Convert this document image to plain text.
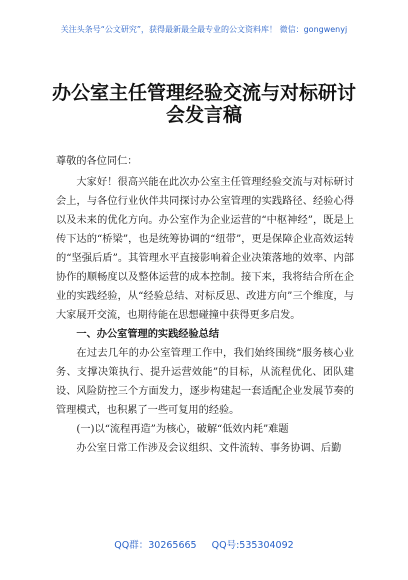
关注头条号“公文研究”，获得最新最全最专业的公文资料库！ 微信：gongwenyj
办公室主任管理经验交流与对标研讨
会发言稿

尊敬的各位同仁：

大家好！很高兴能在此次办公室主任管理经验交流与对标研讨会上，与各位行业伙伴共同探讨办公室管理的实践路径、经验心得以及未来的优化方向。办公室作为企业运营的“中枢神经”，既是上传下达的“桥梁”，也是统筹协调的“纽带”，更是保障企业高效运转的“坚强后盾”。其管理水平直接影响着企业决策落地的效率、内部协作的顺畅度以及整体运营的成本控制。接下来，我将结合所在企业的实践经验，从“经验总结、对标反思、改进方向”三个维度，与大家展开交流，也期待能在思想碰撞中获得更多启发。

一、办公室管理的实践经验总结

在过去几年的办公室管理工作中，我们始终围绕“服务核心业务、支撑决策执行、提升运营效能”的目标，从流程优化、团队建设、风险防控三个方面发力，逐步构建起一套适配企业发展节奏的管理模式，也积累了一些可复用的经验。

(一)以“流程再造”为核心，破解“低效内耗”难题

办公室日常工作涉及会议组织、文件流转、事务协调、后勤

QQ群：30265665 QQ号:535304092
